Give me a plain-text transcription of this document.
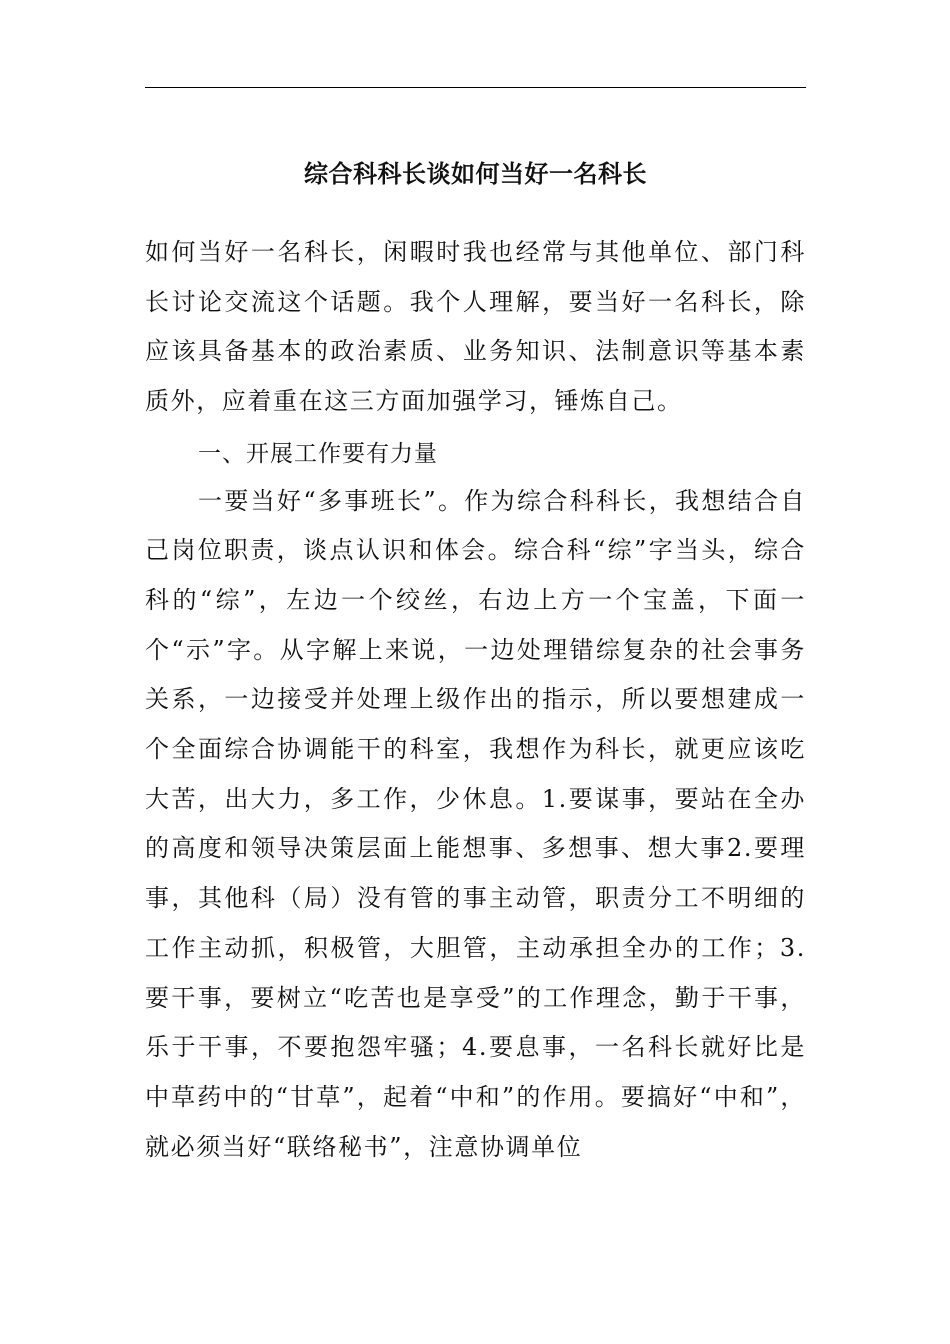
综合科科长谈如何当好一名科长

如何当好一名科长，闲暇时我也经常与其他单位、部门科长讨论交流这个话题。我个人理解，要当好一名科长，除应该具备基本的政治素质、业务知识、法制意识等基本素质外，应着重在这三方面加强学习，锤炼自己。

一、开展工作要有力量

一要当好“多事班长”。作为综合科科长，我想结合自己岗位职责，谈点认识和体会。综合科“综”字当头，综合科的“综”，左边一个绞丝，右边上方一个宝盖，下面一个“示”字。从字解上来说，一边处理错综复杂的社会事务关系，一边接受并处理上级作出的指示，所以要想建成一个全面综合协调能干的科室，我想作为科长，就更应该吃大苦，出大力，多工作，少休息。1.要谋事，要站在全办的高度和领导决策层面上能想事、多想事、想大事2.要理事，其他科（局）没有管的事主动管，职责分工不明细的工作主动抓，积极管，大胆管，主动承担全办的工作；3.要干事，要树立“吃苦也是享受”的工作理念，勤于干事，乐于干事，不要抱怨牢骚；4.要息事，一名科长就好比是中草药中的“甘草”，起着“中和”的作用。要搞好“中和”，就必须当好“联络秘书”，注意协调单位
